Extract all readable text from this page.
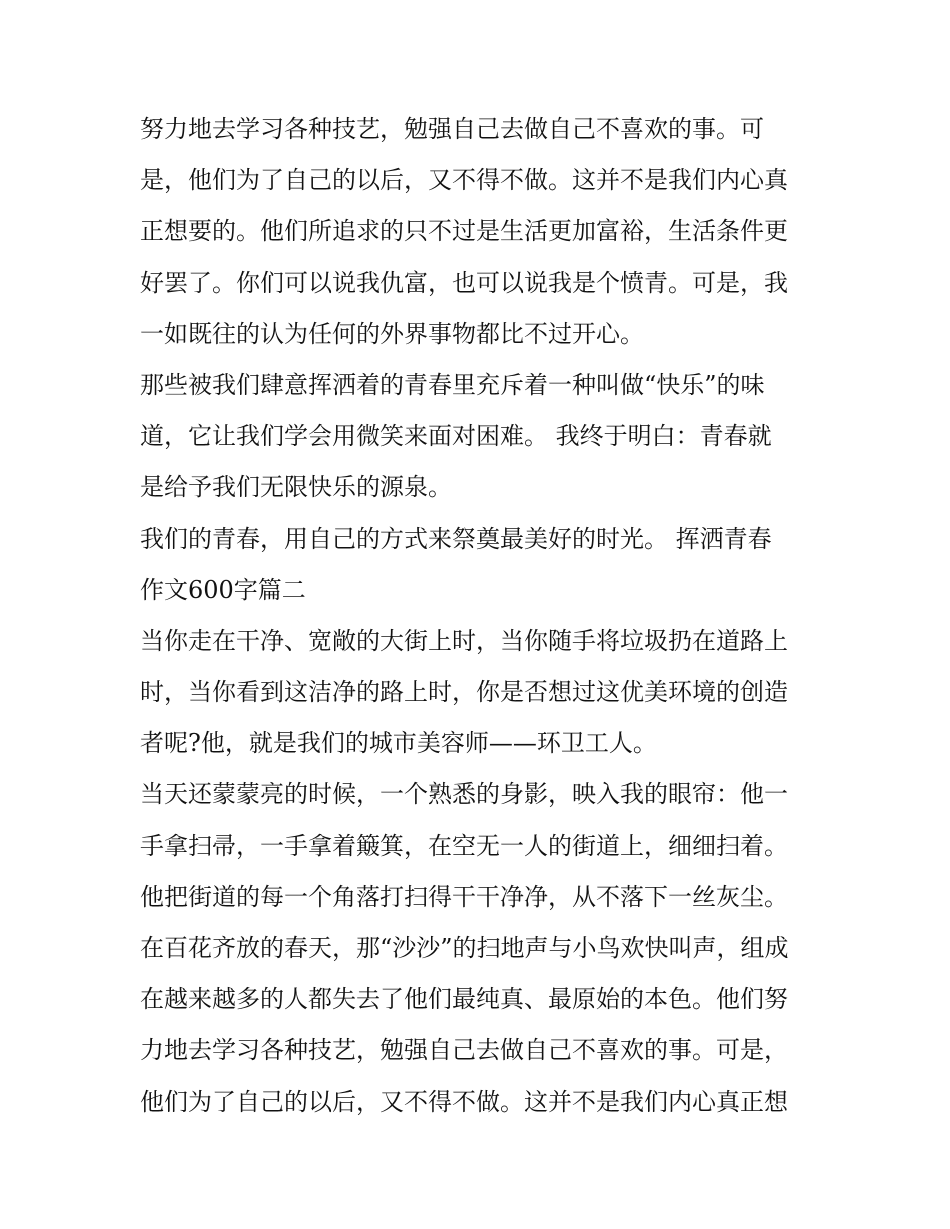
努力地去学习各种技艺，勉强自己去做自己不喜欢的事。可
是，他们为了自己的以后，又不得不做。这并不是我们内心真
正想要的。他们所追求的只不过是生活更加富裕，生活条件更
好罢了。你们可以说我仇富，也可以说我是个愤青。可是，我
一如既往的认为任何的外界事物都比不过开心。
那些被我们肆意挥洒着的青春里充斥着一种叫做“快乐”的味
道，它让我们学会用微笑来面对困难。 我终于明白：青春就
是给予我们无限快乐的源泉。
我们的青春，用自己的方式来祭奠最美好的时光。 挥洒青春
作文600字篇二
当你走在干净、宽敞的大街上时，当你随手将垃圾扔在道路上
时，当你看到这洁净的路上时，你是否想过这优美环境的创造
者呢?他，就是我们的城市美容师——环卫工人。
当天还蒙蒙亮的时候，一个熟悉的身影，映入我的眼帘：他一
手拿扫帚，一手拿着簸箕，在空无一人的街道上，细细扫着。
他把街道的每一个角落打扫得干干净净，从不落下一丝灰尘。
在百花齐放的春天，那“沙沙”的扫地声与小鸟欢快叫声，组成
在越来越多的人都失去了他们最纯真、最原始的本色。他们努
力地去学习各种技艺，勉强自己去做自己不喜欢的事。可是，
他们为了自己的以后，又不得不做。这并不是我们内心真正想
